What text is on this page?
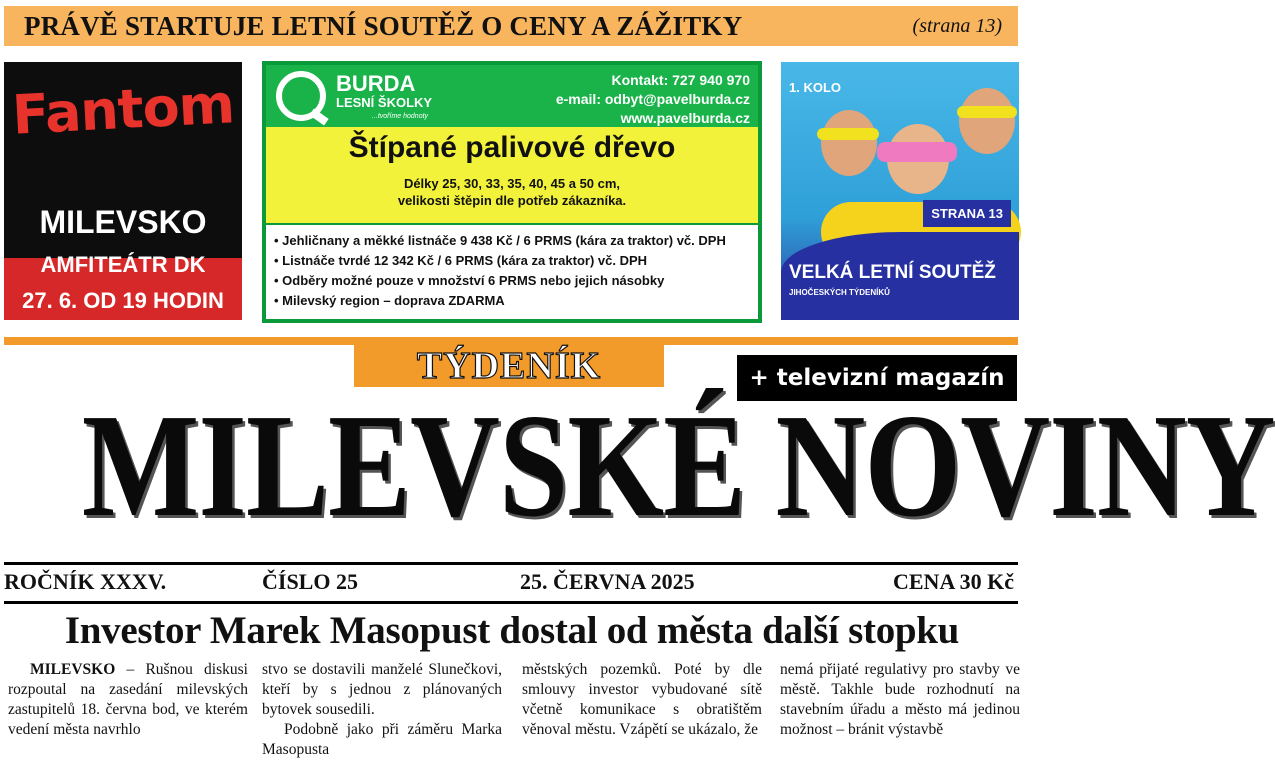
PRÁVĚ STARTUJE LETNÍ SOUTĚŽ O CENY A ZÁŽITKY	(strana 13)
Fantom
MILEVSKO
AMFITEÁTR DK
27. 6. OD 19 HODIN
BURDA
LESNÍ ŠKOLKY
...tvoříme hodnoty
Kontakt: 727 940 970
e-mail: odbyt@pavelburda.cz
www.pavelburda.cz
Štípané palivové dřevo
Délky 25, 30, 33, 35, 40, 45 a 50 cm,
velikosti štěpin dle potřeb zákazníka.
• Jehličnany a měkké listnáče 9 438 Kč / 6 PRMS (kára za traktor) vč. DPH
• Listnáče tvrdé 12 342 Kč / 6 PRMS (kára za traktor) vč. DPH
• Odběry možné pouze v množství 6 PRMS nebo jejich násobky
• Milevský region – doprava ZDARMA
1. KOLO
STRANA 13
VELKÁ LETNÍ SOUTĚŽ
JIHOČESKÝCH TÝDENÍKŮ
TÝDENÍK	+ televizní magazín
MILEVSKÉ NOVINY
ROČNÍK XXXV.	ČÍSLO 25	25. ČERVNA 2025	CENA 30 Kč
Investor Marek Masopust dostal od města další stopku

MILEVSKO – Rušnou diskusi rozpoutal na zasedání milevských zastupitelů 18. června bod, ve kterém vedení města navrhlo

stvo se dostavili manželé Slunečkovi, kteří by s jednou z plánovaných bytovek sousedili.

Podobně jako při záměru Marka Masopusta

městských pozemků. Poté by dle smlouvy investor vybudované sítě včetně komunikace s obratištěm věnoval městu. Vzápětí se ukázalo, že

nemá přijaté regulativy pro stavby ve městě. Takhle bude rozhodnutí na stavebním úřadu a město má jedinou možnost – bránit výstavbě
